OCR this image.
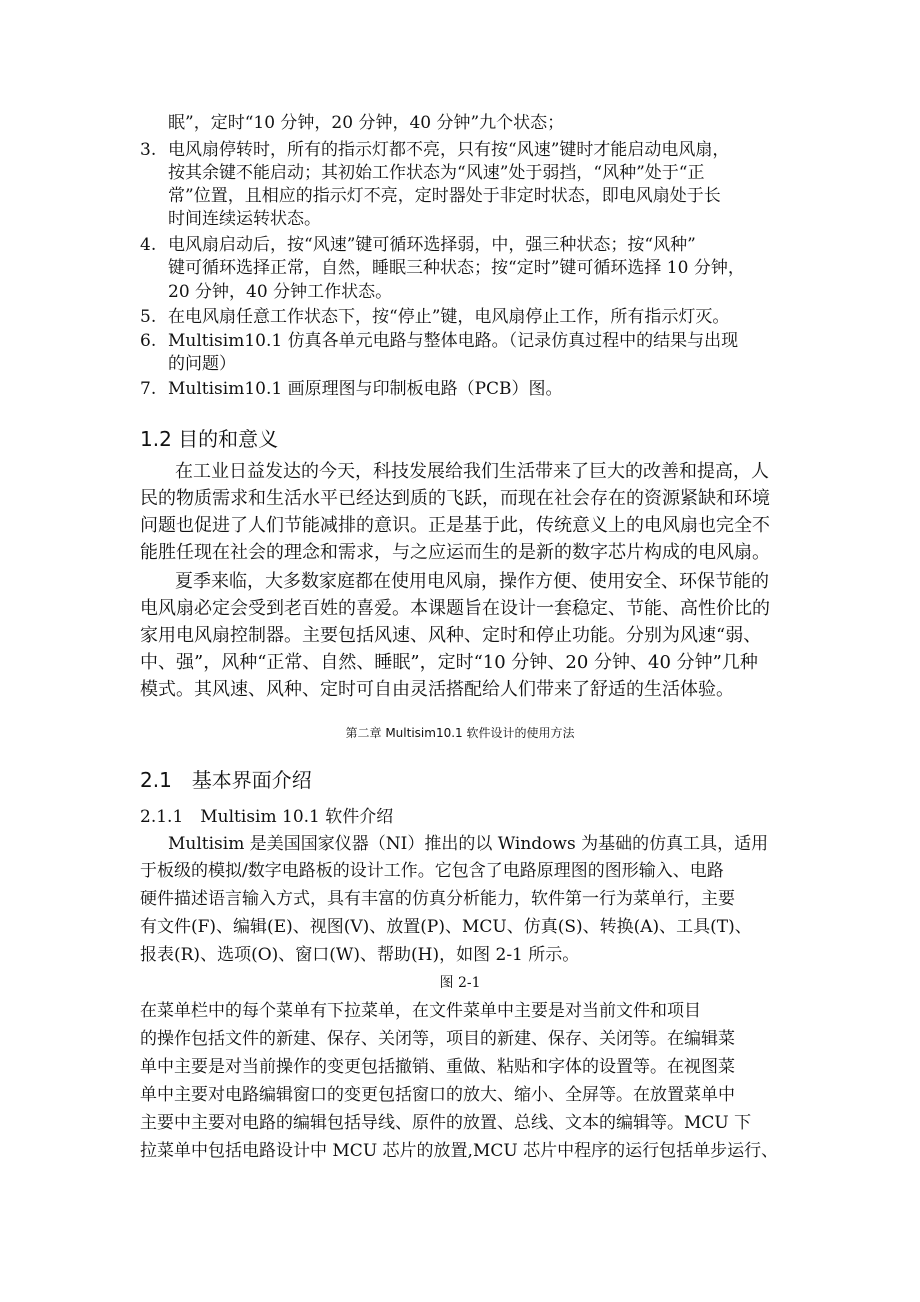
眠”，定时“10 分钟，20 分钟，40 分钟”九个状态；
3. 电风扇停转时，所有的指示灯都不亮，只有按“风速”键时才能启动电风扇，
按其余键不能启动；其初始工作状态为“风速”处于弱挡，“风种”处于“正
常”位置，且相应的指示灯不亮，定时器处于非定时状态，即电风扇处于长
时间连续运转状态。
4. 电风扇启动后，按“风速”键可循环选择弱，中，强三种状态；按“风种”
键可循环选择正常，自然，睡眠三种状态；按“定时”键可循环选择 10 分钟，
20 分钟，40 分钟工作状态。
5. 在电风扇任意工作状态下，按“停止”键，电风扇停止工作，所有指示灯灭。
6. Multisim10.1 仿真各单元电路与整体电路。（记录仿真过程中的结果与出现
的问题）
7. Multisim10.1 画原理图与印制板电路（PCB）图。
1.2 目的和意义
在工业日益发达的今天，科技发展给我们生活带来了巨大的改善和提高，人
民的物质需求和生活水平已经达到质的飞跃，而现在社会存在的资源紧缺和环境
问题也促进了人们节能减排的意识。正是基于此，传统意义上的电风扇也完全不
能胜任现在社会的理念和需求，与之应运而生的是新的数字芯片构成的电风扇。
夏季来临，大多数家庭都在使用电风扇，操作方便、使用安全、环保节能的
电风扇必定会受到老百姓的喜爱。本课题旨在设计一套稳定、节能、高性价比的
家用电风扇控制器。主要包括风速、风种、定时和停止功能。分别为风速“弱、
中、强”，风种“正常、自然、睡眠”，定时“10 分钟、20 分钟、40 分钟”几种
模式。其风速、风种、定时可自由灵活搭配给人们带来了舒适的生活体验。
第二章 Multisim10.1 软件设计的使用方法
2.1　基本界面介绍
2.1.1　Multisim 10.1 软件介绍
Multisim 是美国国家仪器（NI）推出的以 Windows 为基础的仿真工具，适用
于板级的模拟/数字电路板的设计工作。它包含了电路原理图的图形输入、电路
硬件描述语言输入方式，具有丰富的仿真分析能力，软件第一行为菜单行，主要
有文件(F)、编辑(E)、视图(V)、放置(P)、MCU、仿真(S)、转换(A)、工具(T)、
报表(R)、选项(O)、窗口(W)、帮助(H)，如图 2-1 所示。
图 2-1
在菜单栏中的每个菜单有下拉菜单，在文件菜单中主要是对当前文件和项目
的操作包括文件的新建、保存、关闭等，项目的新建、保存、关闭等。在编辑菜
单中主要是对当前操作的变更包括撤销、重做、粘贴和字体的设置等。在视图菜
单中主要对电路编辑窗口的变更包括窗口的放大、缩小、全屏等。在放置菜单中
主要中主要对电路的编辑包括导线、原件的放置、总线、文本的编辑等。MCU 下
拉菜单中包括电路设计中 MCU 芯片的放置,MCU 芯片中程序的运行包括单步运行、
